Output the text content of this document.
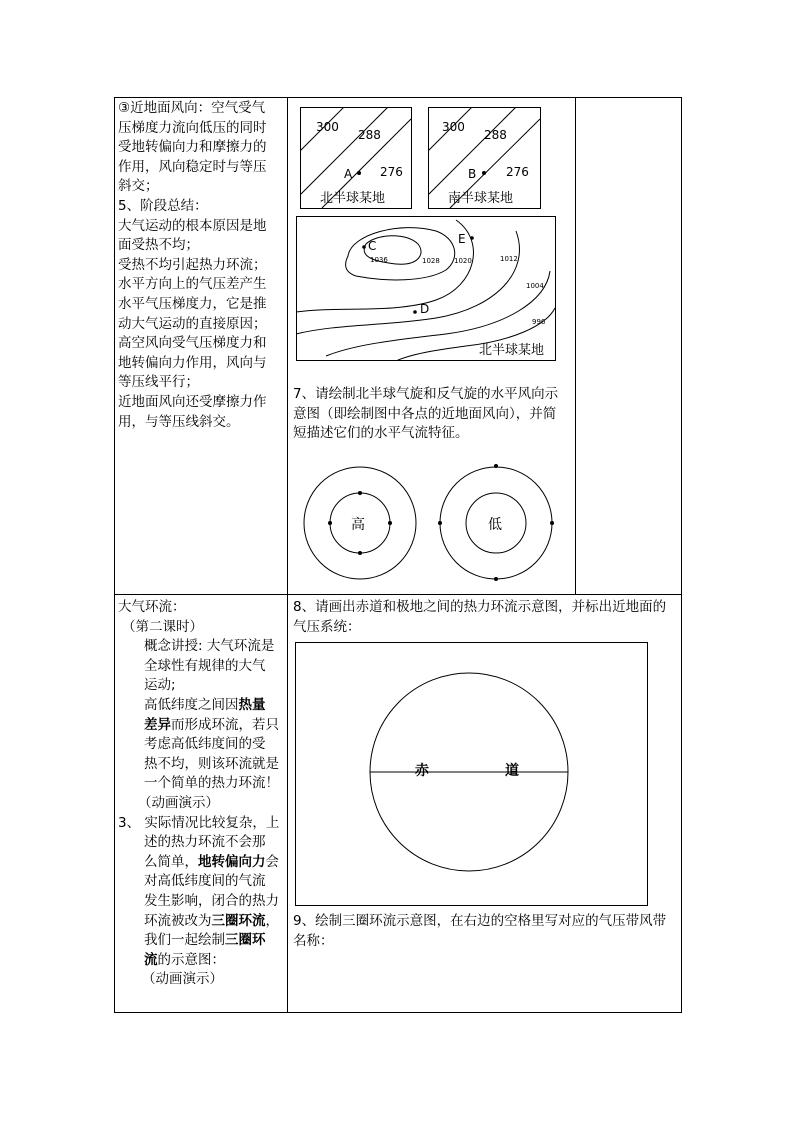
③近地面风向：空气受气

压梯度力流向低压的同时

受地转偏向力和摩擦力的

作用，风向稳定时与等压

斜交；

5、阶段总结：

大气运动的根本原因是地

面受热不均；

受热不均引起热力环流；

水平方向上的气压差产生

水平气压梯度力，它是推

动大气运动的直接原因；

高空风向受气压梯度力和

地转偏向力作用，风向与

等压线平行；

近地面风向还受摩擦力作

用，与等压线斜交。

300
288
276
A
北半球某地
300
288
276
B
南半球某地
C	E
D
1036	1028 1020	1012
1004
996
北半球某地

7、请绘制北半球气旋和反气旋的水平风向示

意图（即绘制图中各点的近地面风向），并简

短描述它们的水平气流特征。

高	低

大气环流：

（第二课时）

概念讲授: 大气环流是

全球性有规律的大气

运动;

高低纬度之间因热量

差异而形成环流，若只

考虑高低纬度间的受

热不均，则该环流就是

一个简单的热力环流！

（动画演示）

3、 实际情况比较复杂，上

述的热力环流不会那

么简单，地转偏向力会

对高低纬度间的气流

发生影响，闭合的热力

环流被改为三圈环流，

我们一起绘制三圈环

流的示意图：

（动画演示）

8、请画出赤道和极地之间的热力环流示意图，并标出近地面的

气压系统：

赤	道

9、绘制三圈环流示意图，在右边的空格里写对应的气压带风带

名称：
